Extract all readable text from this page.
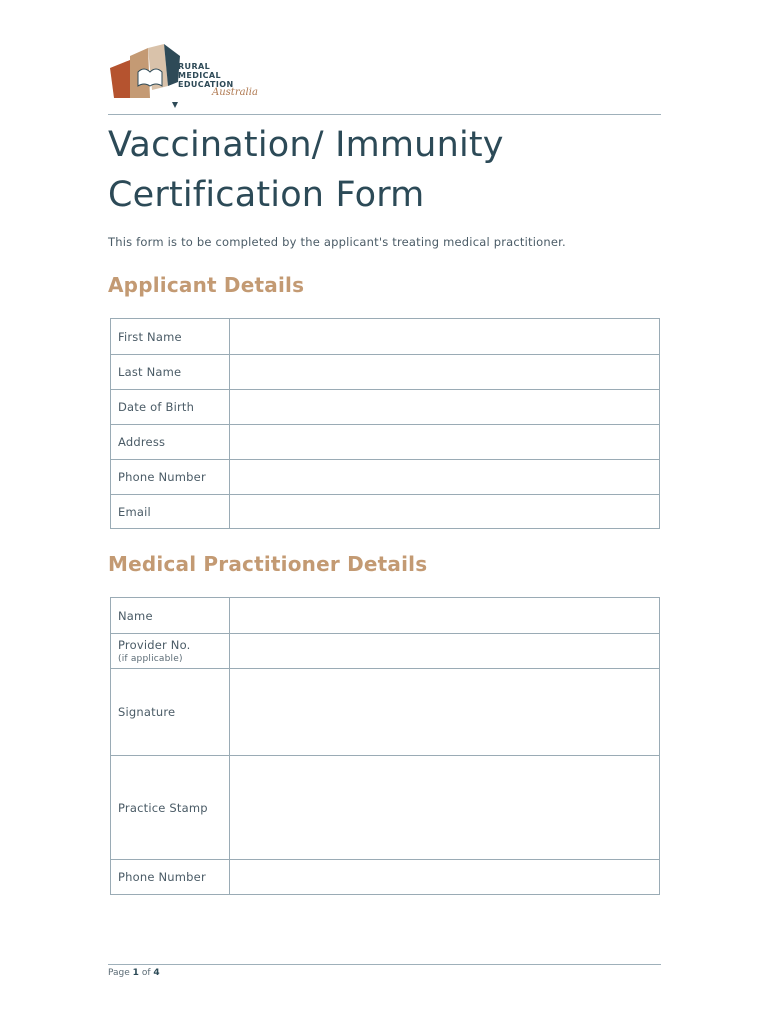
RURAL
MEDICAL
EDUCATION
Australia
Vaccination/ Immunity Certification Form

This form is to be completed by the applicant's treating medical practitioner.

Applicant Details
First Name
Last Name
Date of Birth
Address
Phone Number
Email
Medical Practitioner Details
Name
Provider No.
(if applicable)
Signature
Practice Stamp
Phone Number
Page 1 of 4
